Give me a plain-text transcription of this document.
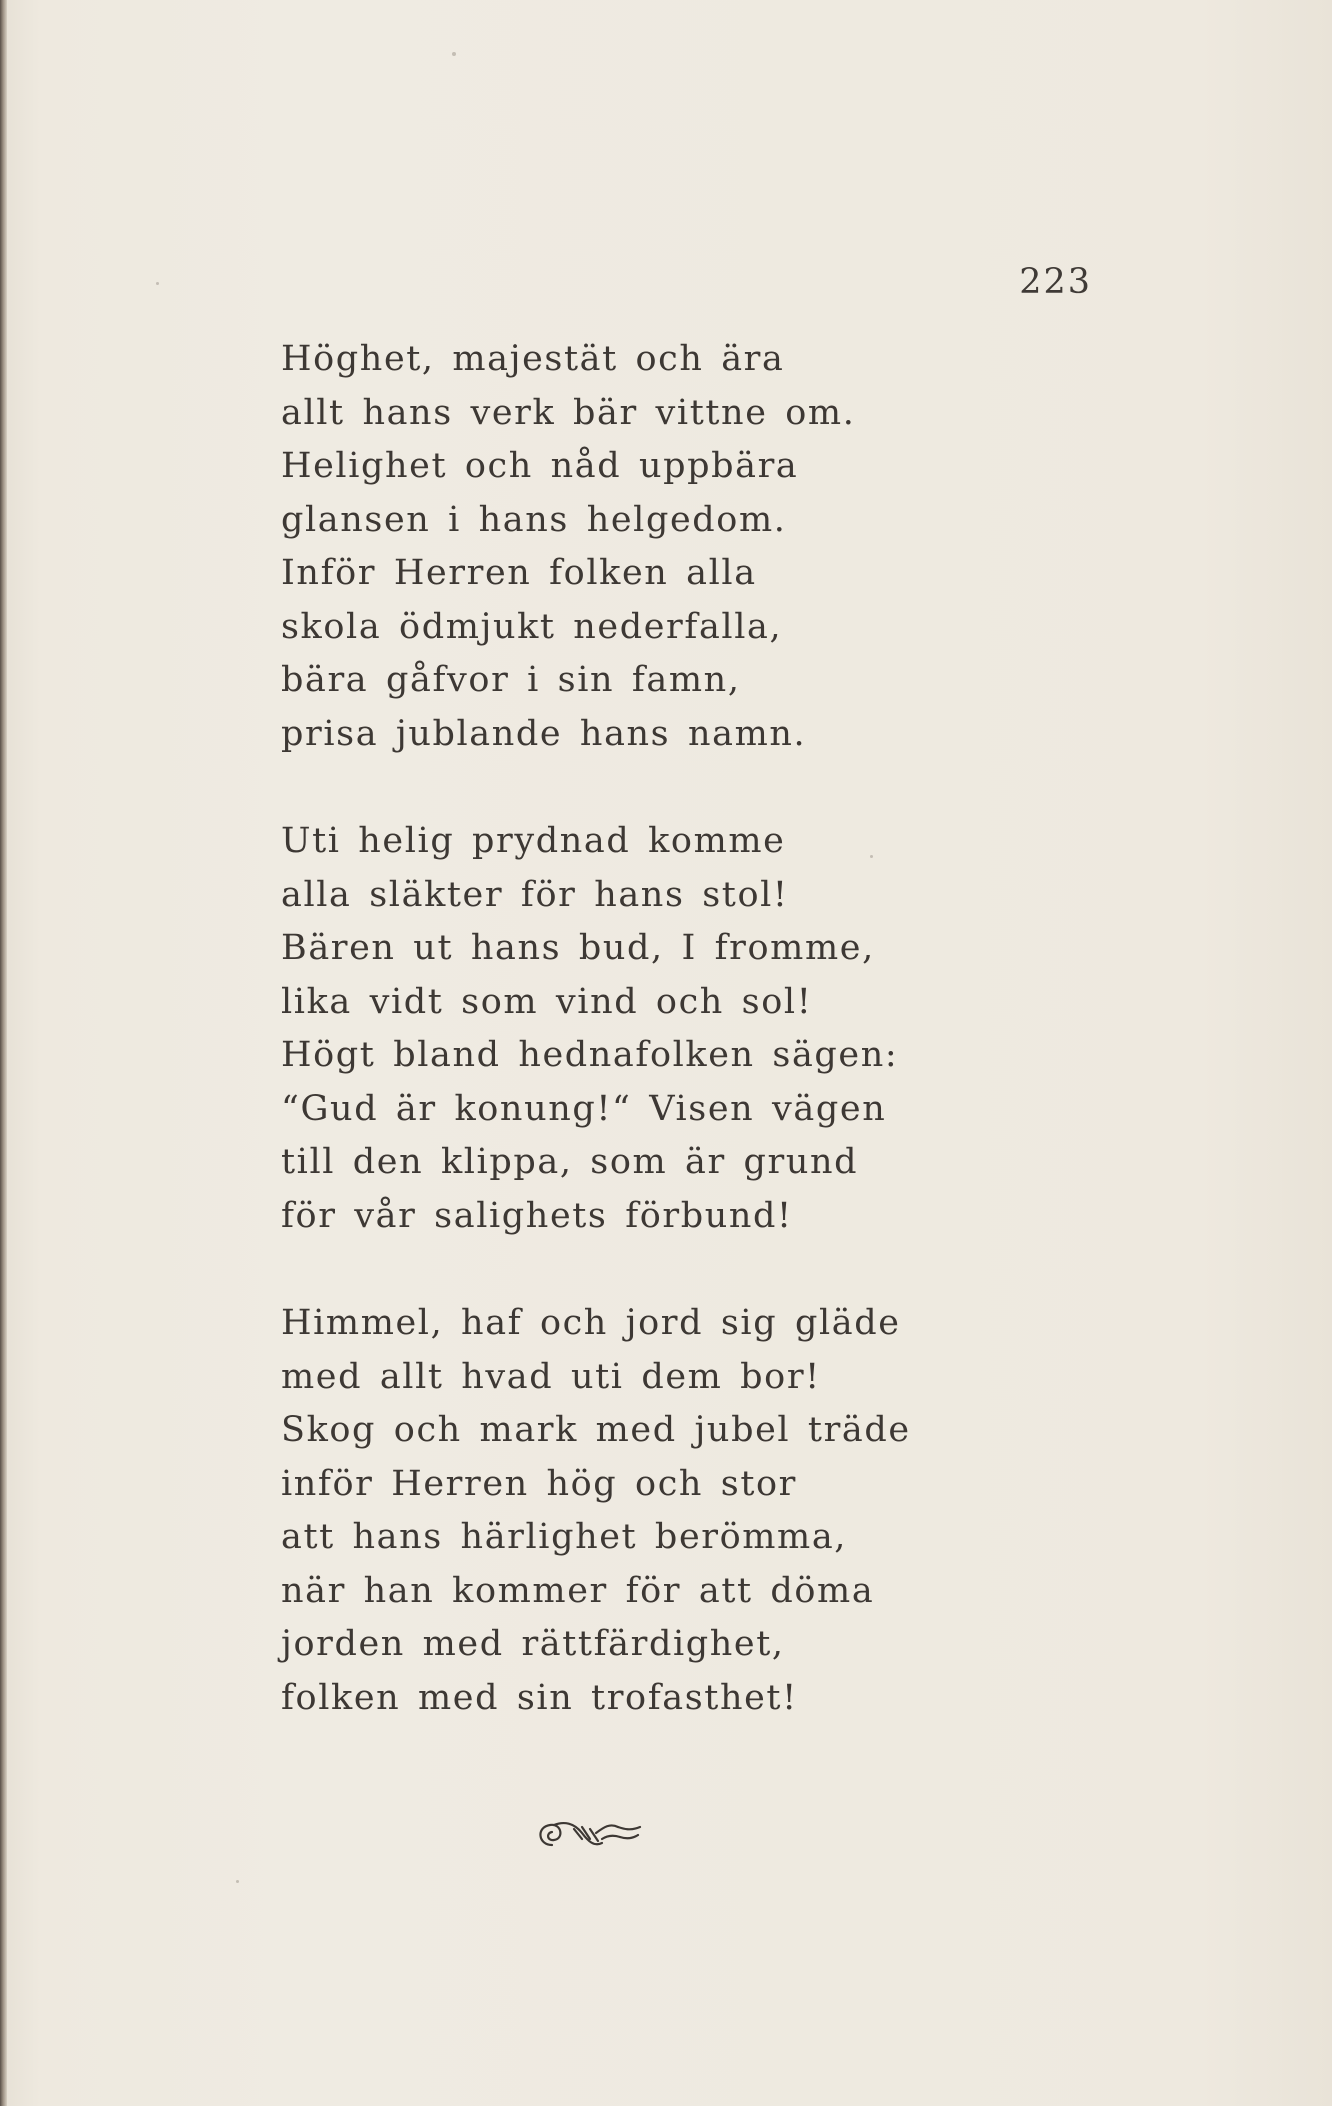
223
Höghet, majestät och ära
allt hans verk bär vittne om.
Helighet och nåd uppbära
glansen i hans helgedom.
Inför Herren folken alla
skola ödmjukt nederfalla,
bära gåfvor i sin famn,
prisa jublande hans namn.
Uti helig prydnad komme
alla släkter för hans stol!
Bären ut hans bud, I fromme,
lika vidt som vind och sol!
Högt bland hednafolken sägen:
“Gud är konung!“ Visen vägen
till den klippa, som är grund
för vår salighets förbund!
Himmel, haf och jord sig gläde
med allt hvad uti dem bor!
Skog och mark med jubel träde
inför Herren hög och stor
att hans härlighet berömma,
när han kommer för att döma
jorden med rättfärdighet,
folken med sin trofasthet!
